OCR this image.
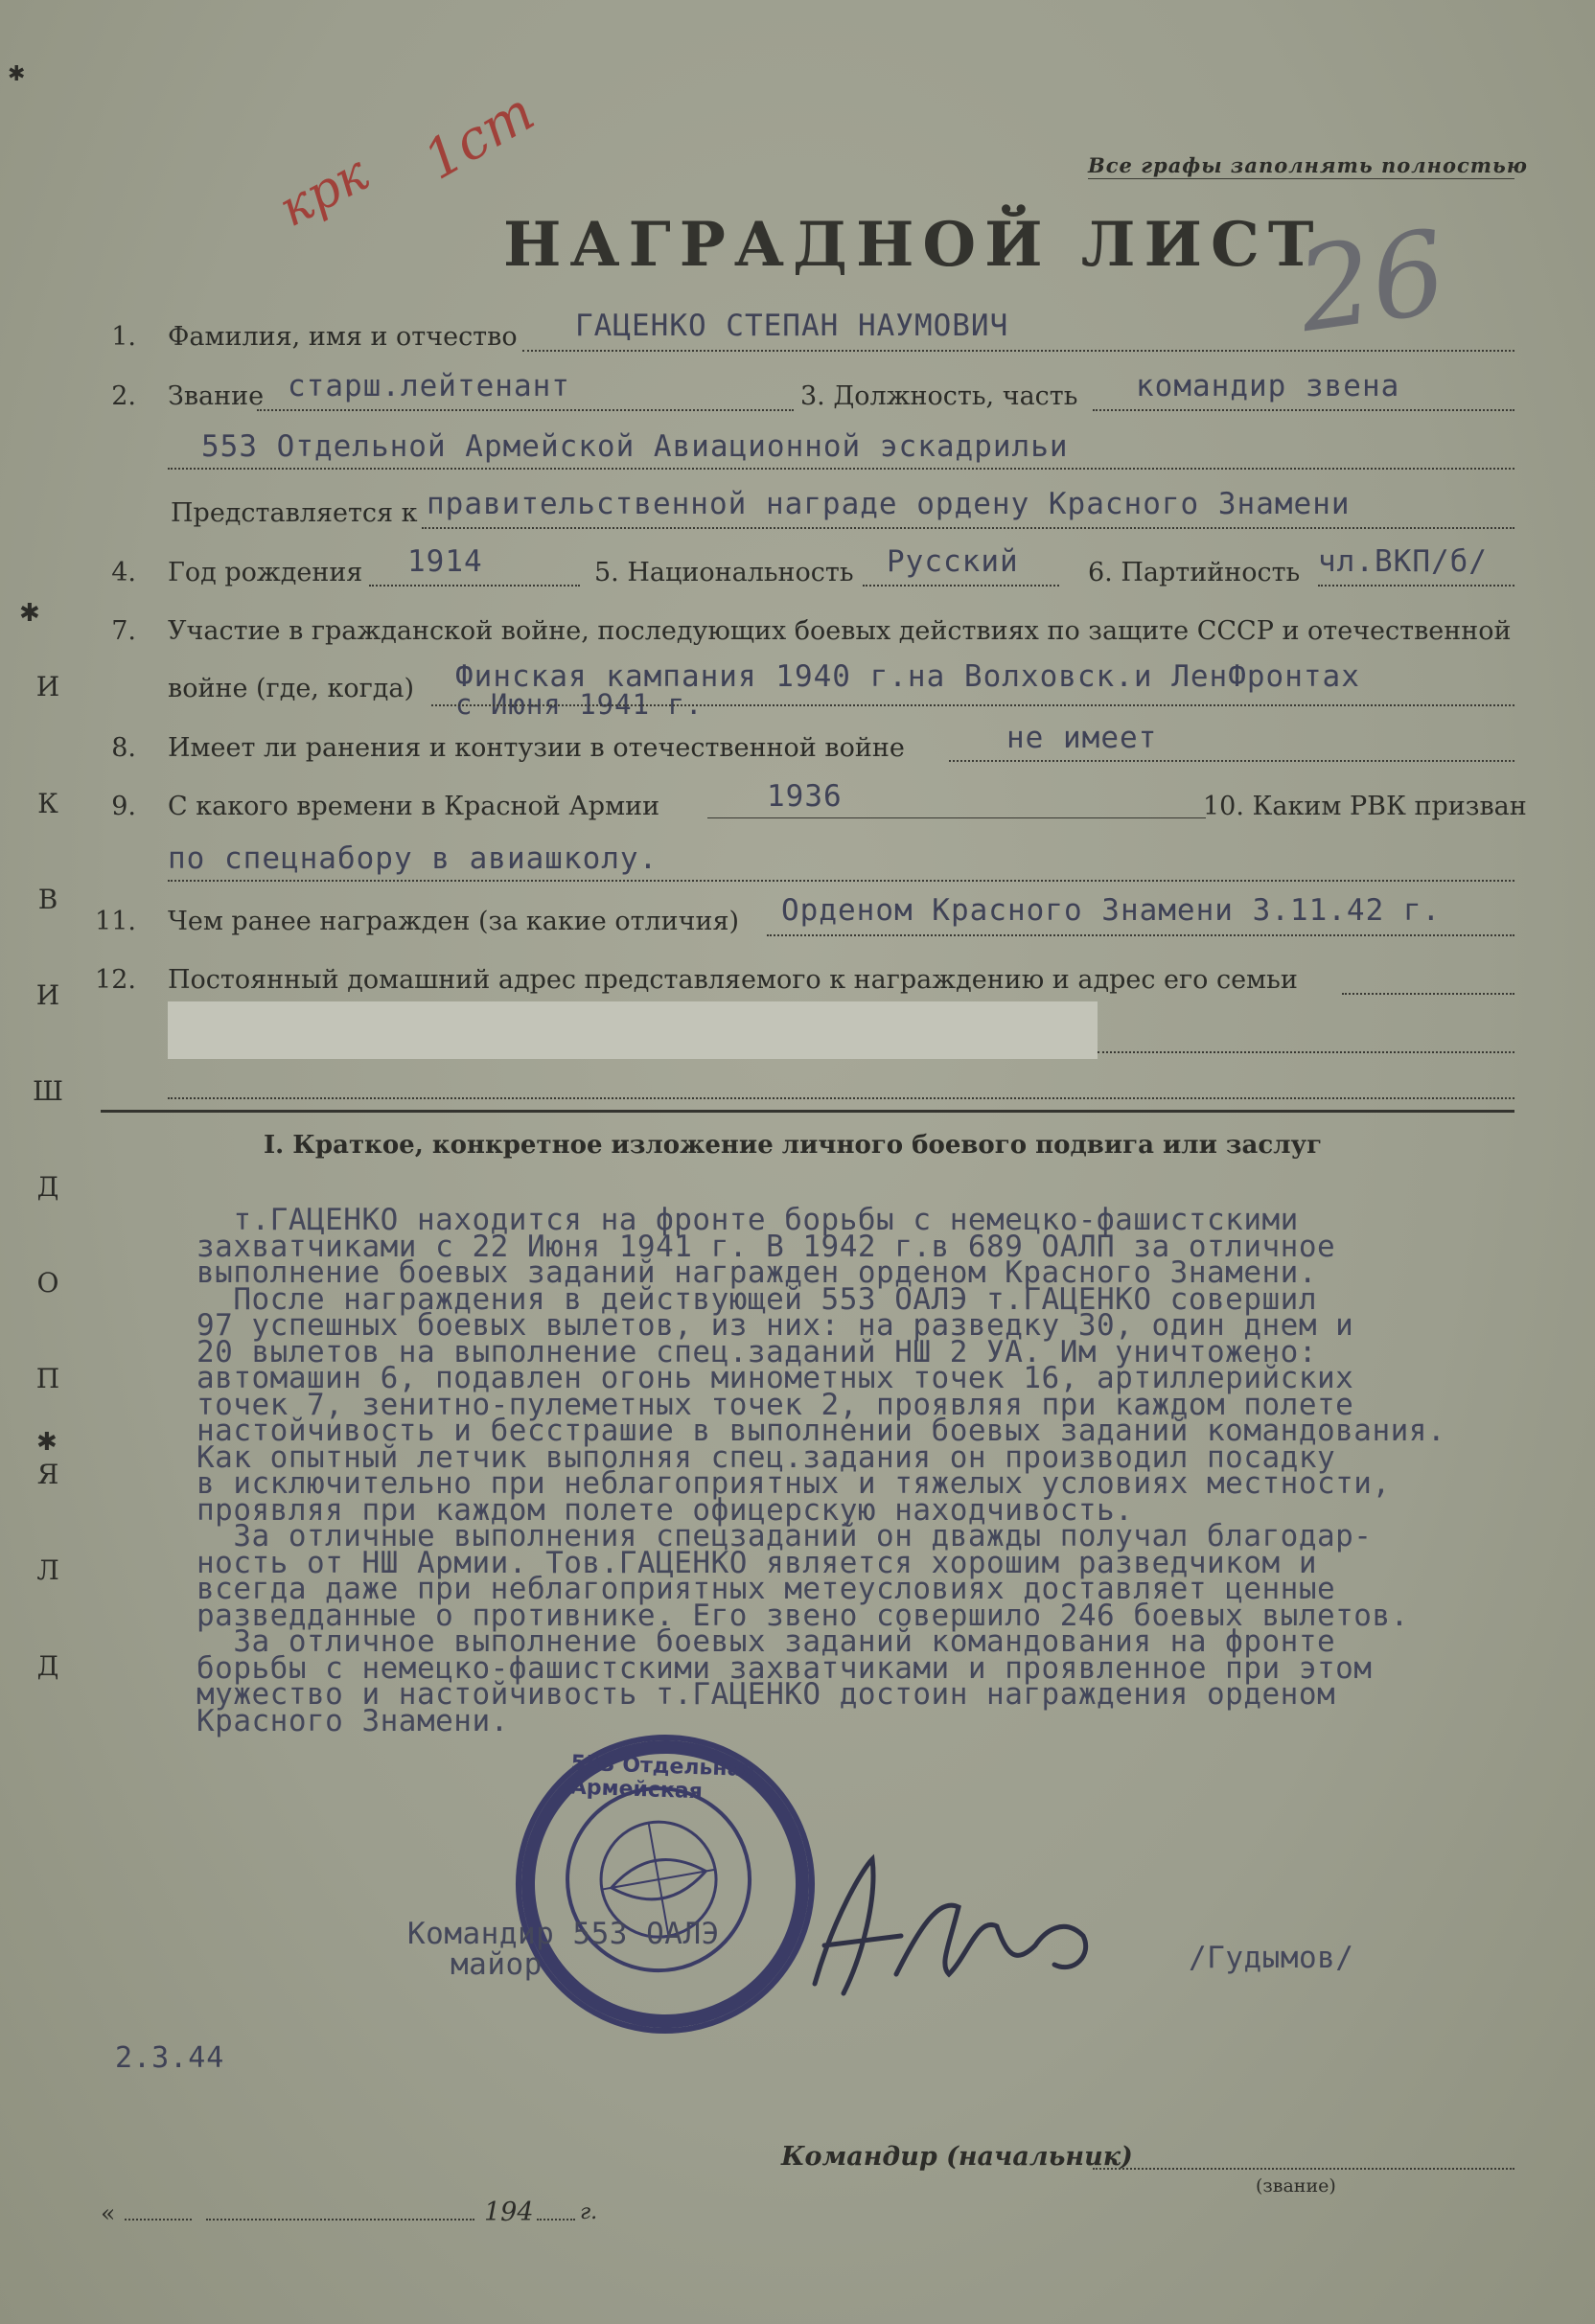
крк 1ст
26
Все графы заполнять полностью
НАГРАДНОЙ ЛИСТ
1. Фамилия, имя и отчество ГАЦЕНКО СТЕПАН НАУМОВИЧ
2. Звание старш.лейтенант	3. Должность, часть командир звена
553 Отдельной Армейской Авиационной эскадрильи
Представляется к правительственной награде ордену Красного Знамени
4. Год рождения 1914	5. Национальность Русский	6. Партийность чл.ВКП/б/
7. Участие в гражданской войне, последующих боевых действиях по защите СССР и отечественной
войне (где, когда) Финская кампания 1940 г.на Волховск.и ЛенФронтах
с Июня 1941 г.
8. Имеет ли ранения и контузии в отечественной войне	не имеет
9. С какого времени в Красной Армии	1936	10. Каким РВК призван
по спецнабору в авиашколу.
11. Чем ранее награжден (за какие отличия) Орденом Красного Знамени 3.11.42 г.
12. Постоянный домашний адрес представляемого к награждению и адрес его семьи
I. Краткое, конкретное изложение личного боевого подвига или заслуг
т.ГАЦЕНКО находится на фронте борьбы с немецко-фашистскими
захватчиками с 22 Июня 1941 г. В 1942 г.в 689 ОАЛП за отличное
выполнение боевых заданий награжден орденом Красного Знамени.
После награждения в действующей 553 ОАЛЭ т.ГАЦЕНКО совершил
97 успешных боевых вылетов, из них: на разведку 30, один днем и
20 вылетов на выполнение спец.заданий НШ 2 УА. Им уничтожено:
автомашин 6, подавлен огонь минометных точек 16, артиллерийских
точек 7, зенитно-пулеметных точек 2, проявляя при каждом полете
настойчивость и бесстрашие в выполнении боевых заданий командования.
Как опытный летчик выполняя спец.задания он производил посадку
в исключительно при неблагоприятных и тяжелых условиях местности,
проявляя при каждом полете офицерскую находчивость.
За отличные выполнения спецзаданий он дважды получал благодар-
ность от НШ Армии. Тов.ГАЦЕНКО является хорошим разведчиком и
всегда даже при неблагоприятных метеусловиях доставляет ценные
разведданные о противнике. Его звено совершило 246 боевых вылетов.
За отличное выполнение боевых заданий командования на фронте
борьбы с немецко-фашистскими захватчиками и проявленное при этом
мужество и настойчивость т.ГАЦЕНКО достоин награждения орденом
Красного Знамени.
553 Отдельная Армейская
Командир 553 ОАЛЭ
майор	/Гудымов/
2.3.44
Командир (начальник)
(звание)
«	194 г.
И
К
В
И
Ш
Д
О
П
Я
Л
Д
✱
✱
✱
